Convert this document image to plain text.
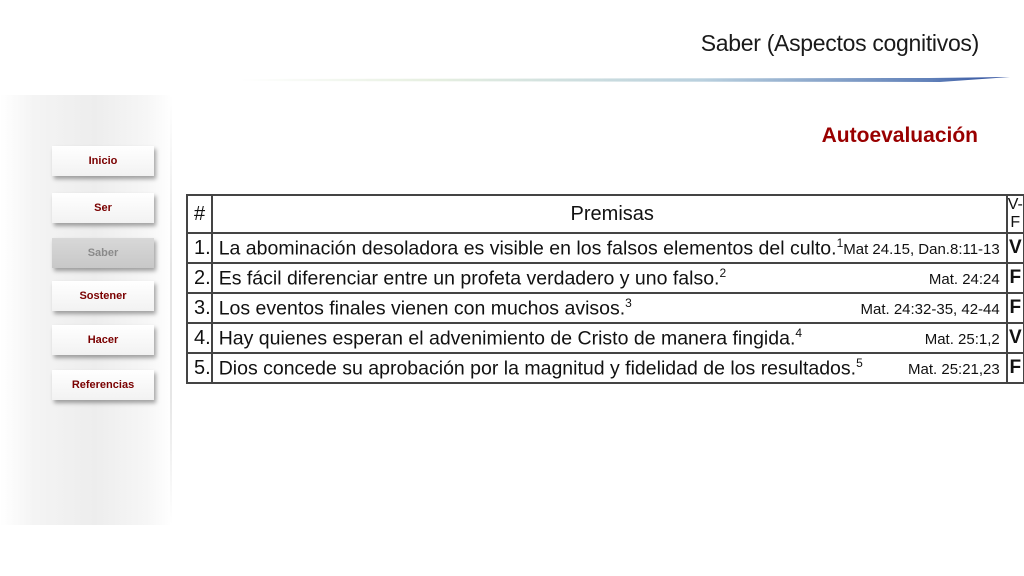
Saber (Aspectos cognitivos)
Inicio
Ser
Saber
Sostener
Hacer
Referencias
Autoevaluación
#	Premisas	V-F
1.	La abominación desoladora es visible en los falsos elementos del culto.$^1$ Mat 24.15, Dan.8:11-13	V
2.	Es fácil diferenciar entre un profeta verdadero y uno falso.$^2$ Mat. 24:24	F
3.	Los eventos finales vienen con muchos avisos.$^3$ Mat. 24:32-35, 42-44	F
4.	Hay quienes esperan el advenimiento de Cristo de manera fingida.$^4$ Mat. 25:1,2	V
5.	Dios concede su aprobación por la magnitud y fidelidad de los resultados.$^5$ Mat. 25:21,23	F
